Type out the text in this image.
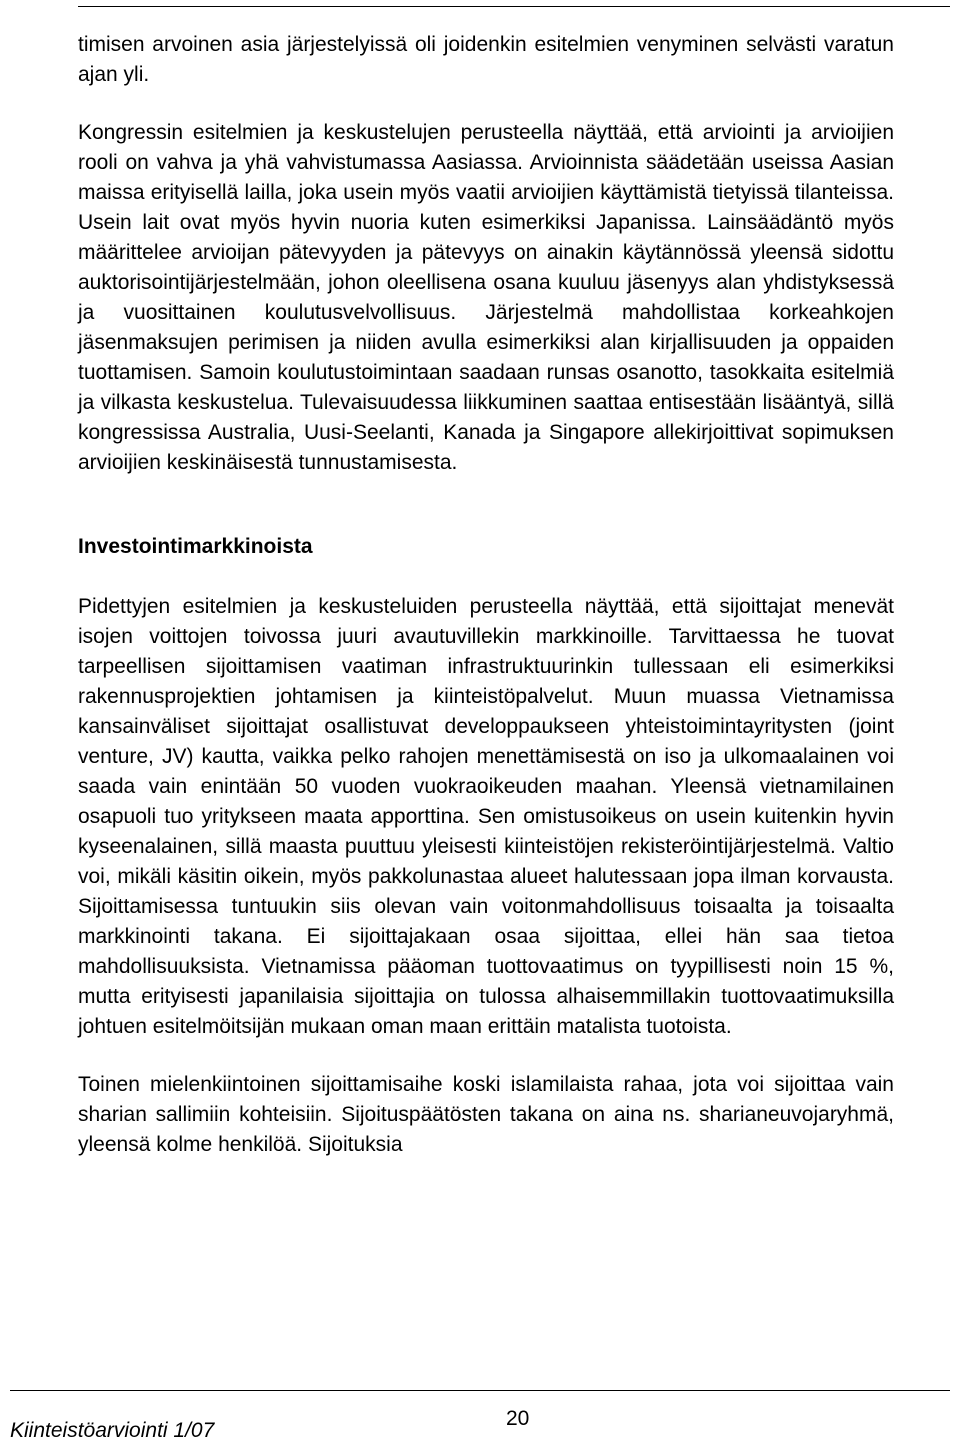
timisen arvoinen asia järjestelyissä oli joidenkin esitelmien venyminen selvästi varatun ajan yli.

Kongressin esitelmien ja keskustelujen perusteella näyttää, että arviointi ja arvioijien rooli on vahva ja yhä vahvistumassa Aasiassa. Arvioinnista säädetään useissa Aasian maissa erityisellä lailla, joka usein myös vaatii arvioijien käyttämistä tietyissä tilanteissa. Usein lait ovat myös hyvin nuoria kuten esimerkiksi Japanissa. Lainsäädäntö myös määrittelee arvioijan pätevyyden ja pätevyys on ainakin käytännössä yleensä sidottu auktorisointijärjestelmään, johon oleellisena osana kuuluu jäsenyys alan yhdistyksessä ja vuosittainen koulutusvelvollisuus. Järjestelmä mahdollistaa korkeahkojen jäsenmaksujen perimisen ja niiden avulla esimerkiksi alan kirjallisuuden ja oppaiden tuottamisen. Samoin koulutustoimintaan saadaan runsas osanotto, tasokkaita esitelmiä ja vilkasta keskustelua. Tulevaisuudessa liikkuminen saattaa entisestään lisääntyä, sillä kongressissa Australia, Uusi-Seelanti, Kanada ja Singapore allekirjoittivat sopimuksen arvioijien keskinäisestä tunnustamisesta.

Investointimarkkinoista

Pidettyjen esitelmien ja keskusteluiden perusteella näyttää, että sijoittajat menevät isojen voittojen toivossa juuri avautuvillekin markkinoille. Tarvittaessa he tuovat tarpeellisen sijoittamisen vaatiman infrastruktuurinkin tullessaan eli esimerkiksi rakennusprojektien johtamisen ja kiinteistöpalvelut. Muun muassa Vietnamissa kansainväliset sijoittajat osallistuvat developpaukseen yhteistoimintayritysten (joint venture, JV) kautta, vaikka pelko rahojen menettämisestä on iso ja ulkomaalainen voi saada vain enintään 50 vuoden vuokraoikeuden maahan. Yleensä vietnamilainen osapuoli tuo yritykseen maata apporttina. Sen omistusoikeus on usein kuitenkin hyvin kyseenalainen, sillä maasta puuttuu yleisesti kiinteistöjen rekisteröintijärjestelmä. Valtio voi, mikäli käsitin oikein, myös pakkolunastaa alueet halutessaan jopa ilman korvausta. Sijoittamisessa tuntuukin siis olevan vain voitonmahdollisuus toisaalta ja toisaalta markkinointi takana. Ei sijoittajakaan osaa sijoittaa, ellei hän saa tietoa mahdollisuuksista. Vietnamissa pääoman tuottovaatimus on tyypillisesti noin 15 %, mutta erityisesti japanilaisia sijoittajia on tulossa alhaisemmillakin tuottovaatimuksilla johtuen esitelmöitsijän mukaan oman maan erittäin matalista tuotoista.

Toinen mielenkiintoinen sijoittamisaihe koski islamilaista rahaa, jota voi sijoittaa vain sharian sallimiin kohteisiin. Sijoituspäätösten takana on aina ns. sharianeuvojaryhmä, yleensä kolme henkilöä. Sijoituksia

Kiinteistöarviointi 1/07
20
